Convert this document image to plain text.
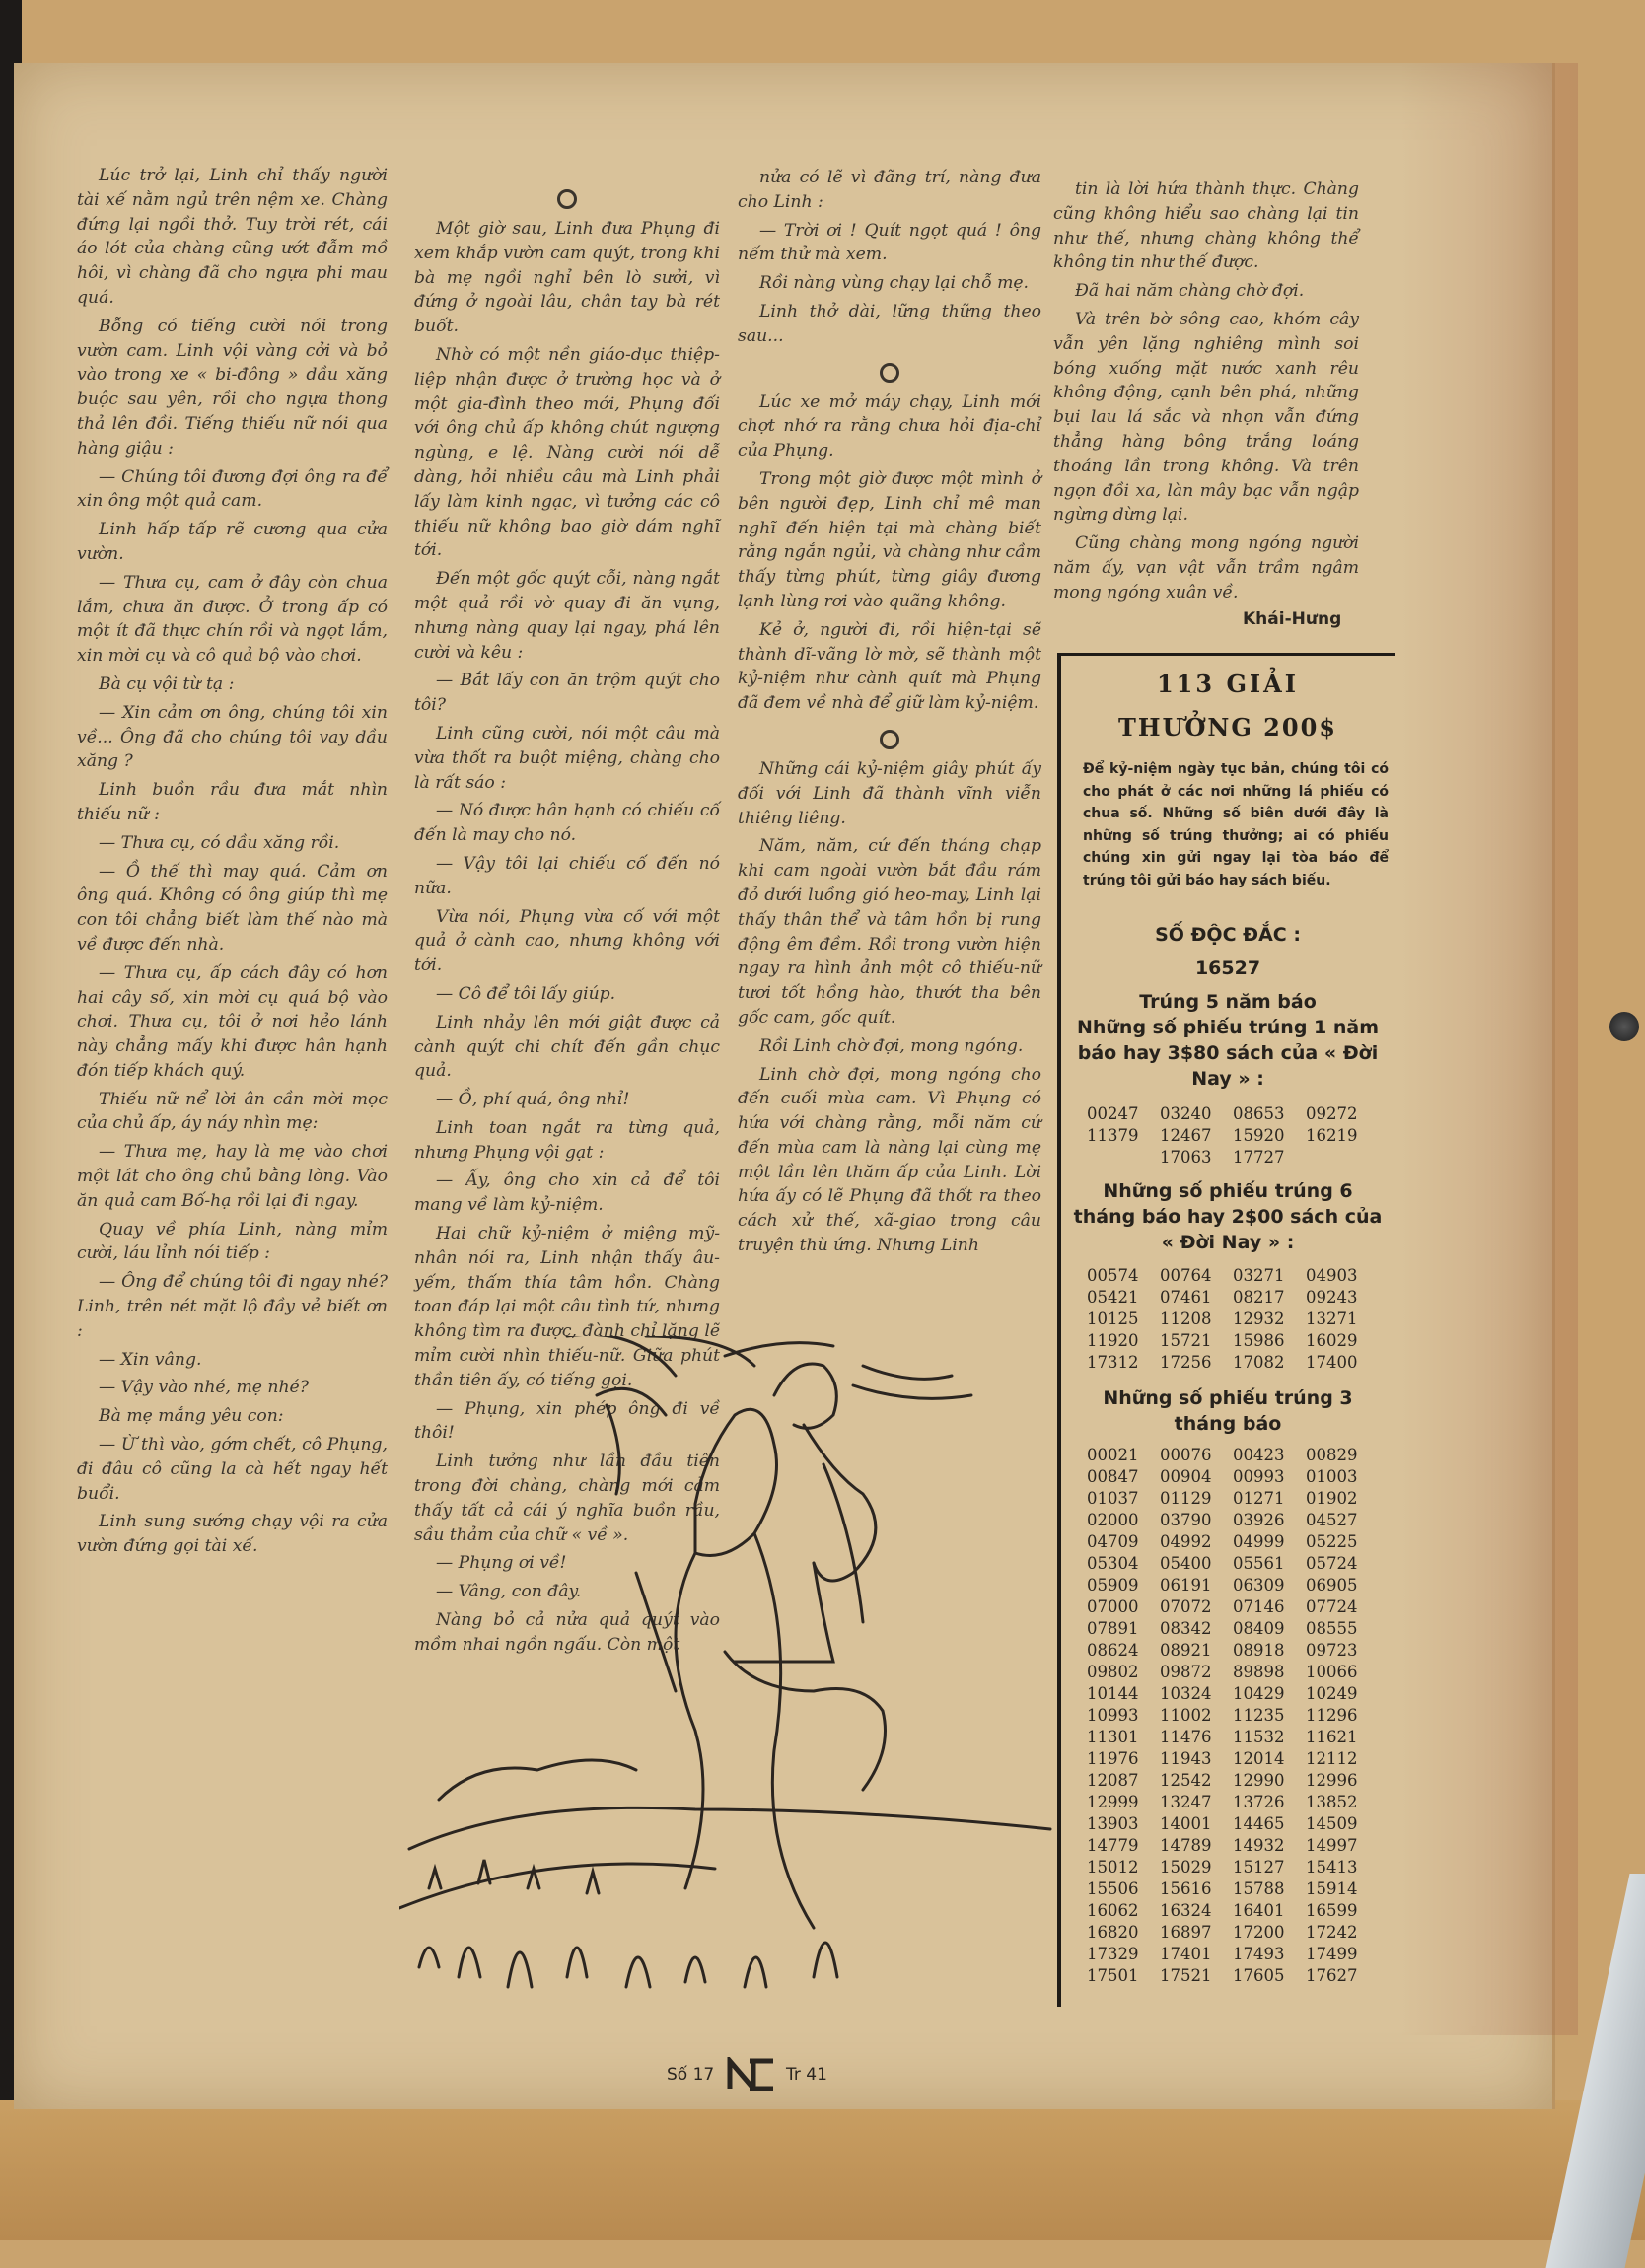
Lúc trở lại, Linh chỉ thấy người tài xế nằm ngủ trên nệm xe. Chàng đứng lại ngồi thở. Tuy trời rét, cái áo lót của chàng cũng ướt đẫm mồ hôi, vì chàng đã cho ngựa phi mau quá.

Bỗng có tiếng cười nói trong vườn cam. Linh vội vàng cởi và bỏ vào trong xe « bi-đông » dầu xăng buộc sau yên, rồi cho ngựa thong thả lên đồi. Tiếng thiếu nữ nói qua hàng giậu :

— Chúng tôi đương đợi ông ra để xin ông một quả cam.

Linh hấp tấp rẽ cương qua cửa vườn.

— Thưa cụ, cam ở đây còn chua lắm, chưa ăn được. Ở trong ấp có một ít đã thực chín rồi và ngọt lắm, xin mời cụ và cô quả bộ vào chơi.

Bà cụ vội từ tạ :

— Xin cảm ơn ông, chúng tôi xin về... Ông đã cho chúng tôi vay dầu xăng ?

Linh buồn rầu đưa mắt nhìn thiếu nữ :

— Thưa cụ, có dầu xăng rồi.

— Ồ thế thì may quá. Cảm ơn ông quá. Không có ông giúp thì mẹ con tôi chẳng biết làm thế nào mà về được đến nhà.

— Thưa cụ, ấp cách đây có hơn hai cây số, xin mời cụ quá bộ vào chơi. Thưa cụ, tôi ở nơi hẻo lánh này chẳng mấy khi được hân hạnh đón tiếp khách quý.

Thiếu nữ nể lời ân cần mời mọc của chủ ấp, áy náy nhìn mẹ:

— Thưa mẹ, hay là mẹ vào chơi một lát cho ông chủ bằng lòng. Vào ăn quả cam Bố-hạ rồi lại đi ngay.

Quay về phía Linh, nàng mỉm cười, láu lỉnh nói tiếp :

— Ông để chúng tôi đi ngay nhé? Linh, trên nét mặt lộ đầy vẻ biết ơn :

— Xin vâng.

— Vậy vào nhé, mẹ nhé?

Bà mẹ mắng yêu con:

— Ừ thì vào, gớm chết, cô Phụng, đi đâu cô cũng la cà hết ngay hết buổi.

Linh sung sướng chạy vội ra cửa vườn đứng gọi tài xế.

Một giờ sau, Linh đưa Phụng đi xem khắp vườn cam quýt, trong khi bà mẹ ngồi nghỉ bên lò sưởi, vì đứng ở ngoài lâu, chân tay bà rét buốt.

Nhờ có một nền giáo-dục thiệp-liệp nhận được ở trường học và ở một gia-đình theo mới, Phụng đối với ông chủ ấp không chút ngượng ngùng, e lệ. Nàng cười nói dễ dàng, hỏi nhiều câu mà Linh phải lấy làm kinh ngạc, vì tưởng các cô thiếu nữ không bao giờ dám nghĩ tới.

Đến một gốc quýt cỗi, nàng ngắt một quả rồi vờ quay đi ăn vụng, nhưng nàng quay lại ngay, phá lên cười và kêu :

— Bắt lấy con ăn trộm quýt cho tôi?

Linh cũng cười, nói một câu mà vừa thốt ra buột miệng, chàng cho là rất sáo :

— Nó được hân hạnh có chiếu cố đến là may cho nó.

— Vậy tôi lại chiếu cố đến nó nữa.

Vừa nói, Phụng vừa cố với một quả ở cành cao, nhưng không với tới.

— Cô để tôi lấy giúp.

Linh nhảy lên mới giật được cả cành quýt chi chít đến gần chục quả.

— Ồ, phí quá, ông nhỉ!

Linh toan ngắt ra từng quả, nhưng Phụng vội gạt :

— Ấy, ông cho xin cả để tôi mang về làm kỷ-niệm.

Hai chữ kỷ-niệm ở miệng mỹ-nhân nói ra, Linh nhận thấy âu-yếm, thấm thía tâm hồn. Chàng toan đáp lại một câu tình tứ, nhưng không tìm ra được, đành chỉ lặng lẽ mỉm cười nhìn thiếu-nữ. Giữa phút thần tiên ấy, có tiếng gọi.

— Phụng, xin phép ông đi về thôi!

Linh tưởng như lần đầu tiên trong đời chàng, chàng mới cảm thấy tất cả cái ý nghĩa buồn rầu, sầu thảm của chữ « về ».

— Phụng ơi về!

— Vâng, con đây.

Nàng bỏ cả nửa quả quýt vào mồm nhai ngồn ngấu. Còn một

nửa có lẽ vì đãng trí, nàng đưa cho Linh :

— Trời ơi ! Quít ngọt quá ! ông nếm thử mà xem.

Rồi nàng vùng chạy lại chỗ mẹ.

Linh thở dài, lững thững theo sau...

Lúc xe mở máy chạy, Linh mới chợt nhớ ra rằng chưa hỏi địa-chỉ của Phụng.

Trong một giờ được một mình ở bên người đẹp, Linh chỉ mê man nghĩ đến hiện tại mà chàng biết rằng ngắn ngủi, và chàng như cầm thấy từng phút, từng giây đương lạnh lùng rơi vào quãng không.

Kẻ ở, người đi, rồi hiện-tại sẽ thành dĩ-vãng lờ mờ, sẽ thành một kỷ-niệm như cành quít mà Phụng đã đem về nhà để giữ làm kỷ-niệm.

Những cái kỷ-niệm giây phút ấy đối với Linh đã thành vĩnh viễn thiêng liêng.

Năm, năm, cứ đến tháng chạp khi cam ngoài vườn bắt đầu rám đỏ dưới luồng gió heo-may, Linh lại thấy thân thể và tâm hồn bị rung động êm đềm. Rồi trong vườn hiện ngay ra hình ảnh một cô thiếu-nữ tươi tốt hồng hào, thướt tha bên gốc cam, gốc quít.

Rồi Linh chờ đợi, mong ngóng.

Linh chờ đợi, mong ngóng cho đến cuối mùa cam. Vì Phụng có hứa với chàng rằng, mỗi năm cứ đến mùa cam là nàng lại cùng mẹ một lần lên thăm ấp của Linh. Lời hứa ấy có lẽ Phụng đã thốt ra theo cách xử thế, xã-giao trong câu truyện thù ứng. Nhưng Linh

tin là lời hứa thành thực. Chàng cũng không hiểu sao chàng lại tin như thế, nhưng chàng không thể không tin như thế được.

Đã hai năm chàng chờ đợi.

Và trên bờ sông cao, khóm cây vẫn yên lặng nghiêng mình soi bóng xuống mặt nước xanh rêu không động, cạnh bên phá, những bụi lau lá sắc và nhọn vẫn đứng thẳng hàng bông trắng loáng thoáng lần trong không. Và trên ngọn đồi xa, làn mây bạc vẫn ngập ngừng dừng lại.

Cũng chàng mong ngóng người năm ấy, vạn vật vẫn trầm ngâm mong ngóng xuân về.

Khái-Hưng
113 GIẢI
THƯỞNG 200$
Để kỷ-niệm ngày tục bản, chúng tôi có cho phát ở các nơi những lá phiếu có chua số. Những số biên dưới đây là những số trúng thưởng; ai có phiếu chúng xin gửi ngay lại tòa báo để trúng tôi gửi báo hay sách biếu.
SỐ ĐỘC ĐẮC :
16527
Trúng 5 năm báo
Những số phiếu trúng 1 năm báo hay 3$80 sách của « Đời Nay » :
00247	03240	08653	09272
11379	12467	15920	16219
17063	17727
Những số phiếu trúng 6 tháng báo hay 2$00 sách của « Đời Nay » :
00574	00764	03271	04903
05421	07461	08217	09243
10125	11208	12932	13271
11920	15721	15986	16029
17312	17256	17082	17400
Những số phiếu trúng 3 tháng báo
00021	00076	00423	00829
00847	00904	00993	01003
01037	01129	01271	01902
02000	03790	03926	04527
04709	04992	04999	05225
05304	05400	05561	05724
05909	06191	06309	06905
07000	07072	07146	07724
07891	08342	08409	08555
08624	08921	08918	09723
09802	09872	89898	10066
10144	10324	10429	10249
10993	11002	11235	11296
11301	11476	11532	11621
11976	11943	12014	12112
12087	12542	12990	12996
12999	13247	13726	13852
13903	14001	14465	14509
14779	14789	14932	14997
15012	15029	15127	15413
15506	15616	15788	15914
16062	16324	16401	16599
16820	16897	17200	17242
17329	17401	17493	17499
17501	17521	17605	17627
Số 17	Tr 41
